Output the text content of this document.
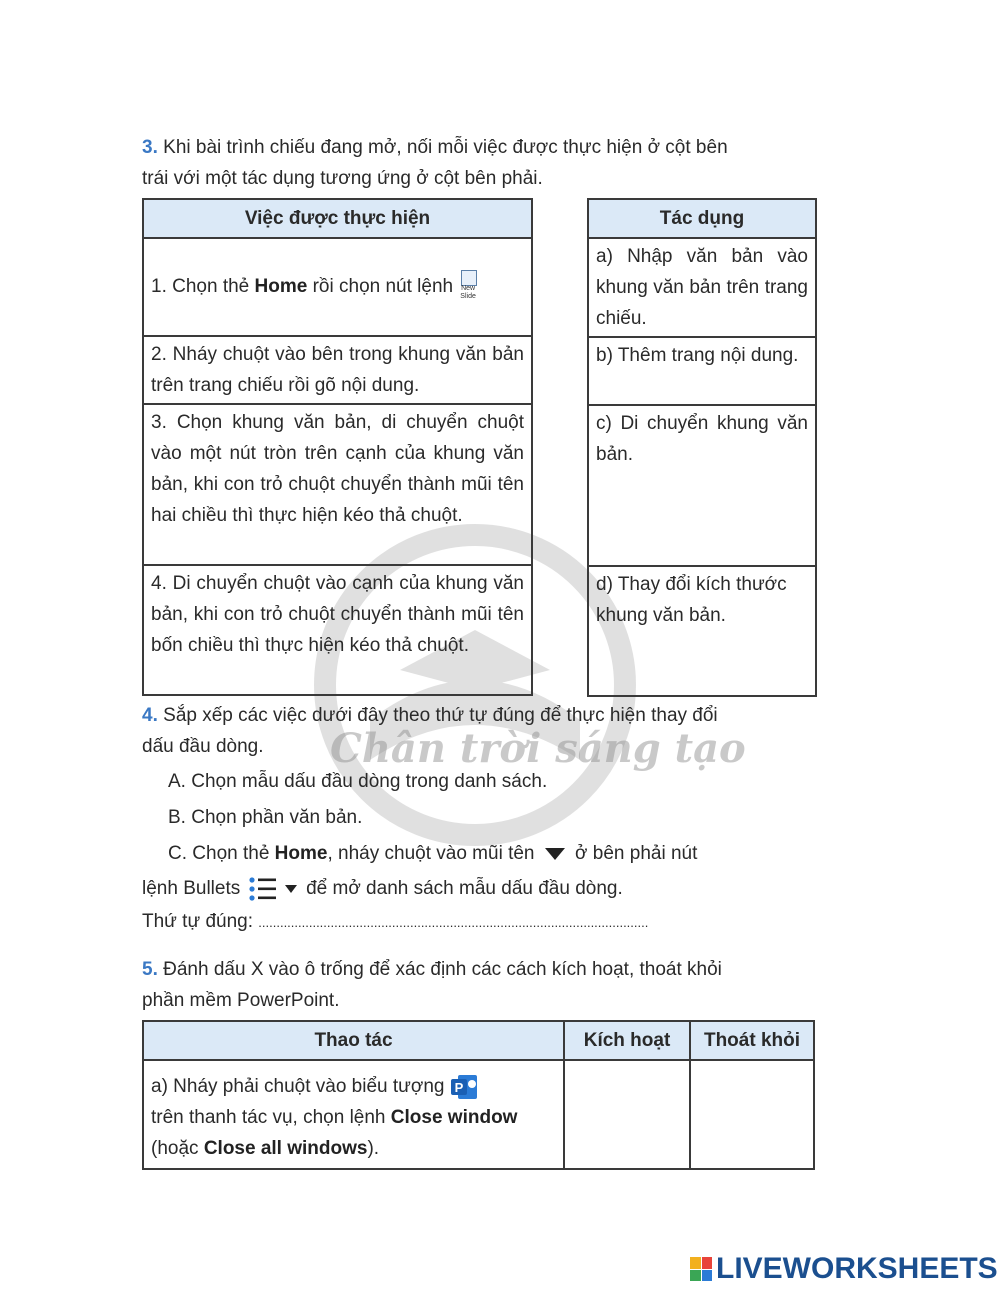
Chân trời sáng tạo

3. Khi bài trình chiếu đang mở, nối mỗi việc được thực hiện ở cột bên

trái với một tác dụng tương ứng ở cột bên phải.

Việc được thực hiện
1. Chọn thẻ Home rồi chọn nút lệnh	New Slide

2. Nháy chuột vào bên trong khung văn bản trên trang chiếu rồi gõ nội dung.
3. Chọn khung văn bản, di chuyển chuột vào một nút tròn trên cạnh của khung văn bản, khi con trỏ chuột chuyển thành mũi tên hai chiều thì thực hiện kéo thả chuột.
4. Di chuyển chuột vào cạnh của khung văn bản, khi con trỏ chuột chuyển thành mũi tên bốn chiều thì thực hiện kéo thả chuột.
Tác dụng
a) Nhập văn bản vào khung văn bản trên trang chiếu.
b) Thêm trang nội dung.
c) Di chuyển khung văn bản.
d) Thay đổi kích thước khung văn bản.

4. Sắp xếp các việc dưới đây theo thứ tự đúng để thực hiện thay đổi

dấu đầu dòng.

A. Chọn mẫu dấu đầu dòng trong danh sách.

B. Chọn phần văn bản.

C. Chọn thẻ Home, nháy chuột vào mũi tên ở bên phải nút

lệnh Bullets	để mở danh sách mẫu dấu đầu dòng.

Thứ tự đúng: ............................................................................................................

5. Đánh dấu X vào ô trống để xác định các cách kích hoạt, thoát khỏi

phần mềm PowerPoint.

Thao tác	Kích hoạt	Thoát khỏi
a) Nháy phải chuột vào biểu tượng P

trên thanh tác vụ, chọn lệnh Close window
(hoặc Close all windows).		
LIVEWORKSHEETS
